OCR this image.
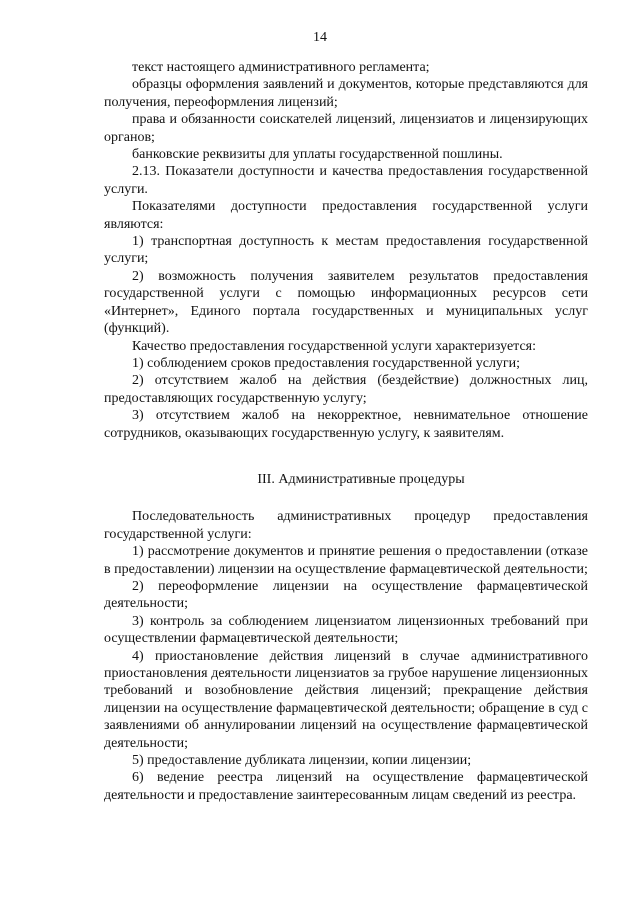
14

текст настоящего административного регламента;

образцы оформления заявлений и документов, которые представляются для получения, переоформления лицензий;

права и обязанности соискателей лицензий, лицензиатов и лицензирующих органов;

банковские реквизиты для уплаты государственной пошлины.

2.13. Показатели доступности и качества предоставления государственной услуги.

Показателями доступности предоставления государственной услуги являются:

1) транспортная доступность к местам предоставления государственной услуги;

2) возможность получения заявителем результатов предоставления государственной услуги с помощью информационных ресурсов сети «Интернет», Единого портала государственных и муниципальных услуг (функций).

Качество предоставления государственной услуги характеризуется:

1) соблюдением сроков предоставления государственной услуги;

2) отсутствием жалоб на действия (бездействие) должностных лиц, предоставляющих государственную услугу;

3) отсутствием жалоб на некорректное, невнимательное отношение сотрудников, оказывающих государственную услугу, к заявителям.

III. Административные процедуры

Последовательность административных процедур предоставления государственной услуги:

1) рассмотрение документов и принятие решения о предоставлении (отказе в предоставлении) лицензии на осуществление фармацевтической деятельности;

2) переоформление лицензии на осуществление фармацевтической деятельности;

3) контроль за соблюдением лицензиатом лицензионных требований при осуществлении фармацевтической деятельности;

4) приостановление действия лицензий в случае административного приостановления деятельности лицензиатов за грубое нарушение лицензионных требований и возобновление действия лицензий; прекращение действия лицензии на осуществление фармацевтической деятельности; обращение в суд с заявлениями об аннулировании лицензий на осуществление фармацевтической деятельности;

5) предоставление дубликата лицензии, копии лицензии;

6) ведение реестра лицензий на осуществление фармацевтической деятельности и предоставление заинтересованным лицам сведений из реестра.
